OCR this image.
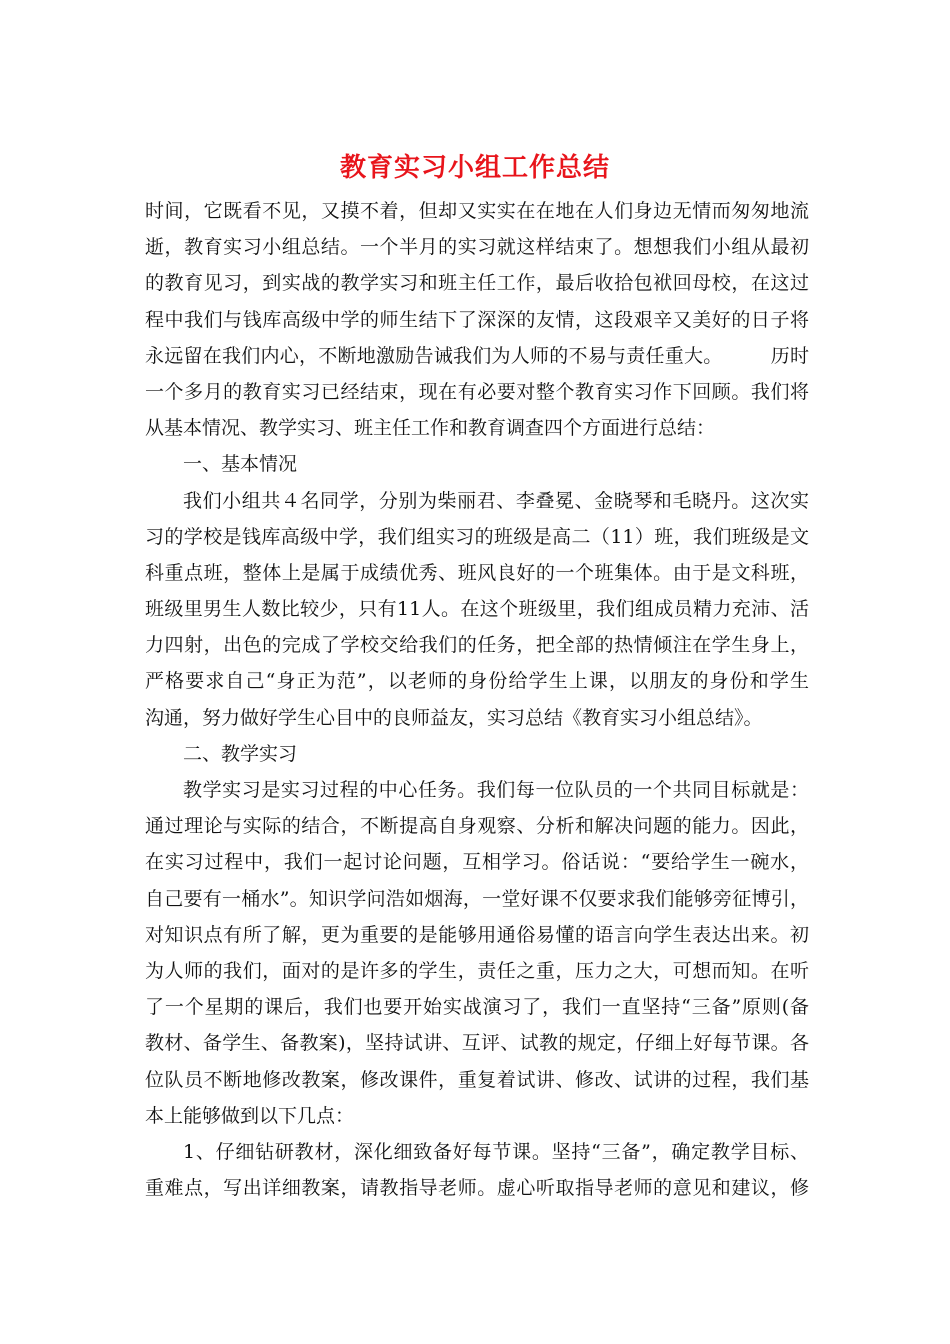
教育实习小组工作总结
时间，它既看不见，又摸不着，但却又实实在在地在人们身边无情而匆匆地流
逝，教育实习小组总结。一个半月的实习就这样结束了。想想我们小组从最初
的教育见习，到实战的教学实习和班主任工作，最后收拾包袱回母校，在这过
程中我们与钱库高级中学的师生结下了深深的友情，这段艰辛又美好的日子将
永远留在我们内心，不断地激励告诫我们为人师的不易与责任重大。	历时
一个多月的教育实习已经结束，现在有必要对整个教育实习作下回顾。我们将
从基本情况、教学实习、班主任工作和教育调查四个方面进行总结：
一、基本情况
我们小组共４名同学，分别为柴丽君、李叠冕、金晓琴和毛晓丹。这次实
习的学校是钱库高级中学，我们组实习的班级是高二（11）班，我们班级是文
科重点班，整体上是属于成绩优秀、班风良好的一个班集体。由于是文科班，
班级里男生人数比较少，只有11人。在这个班级里，我们组成员精力充沛、活
力四射，出色的完成了学校交给我们的任务，把全部的热情倾注在学生身上，
严格要求自己“身正为范”，以老师的身份给学生上课，以朋友的身份和学生
沟通，努力做好学生心目中的良师益友，实习总结《教育实习小组总结》。
二、教学实习
教学实习是实习过程的中心任务。我们每一位队员的一个共同目标就是：
通过理论与实际的结合，不断提高自身观察、分析和解决问题的能力。因此，
在实习过程中，我们一起讨论问题，互相学习。俗话说：“要给学生一碗水，
自己要有一桶水”。知识学问浩如烟海，一堂好课不仅要求我们能够旁征博引，
对知识点有所了解，更为重要的是能够用通俗易懂的语言向学生表达出来。初
为人师的我们，面对的是许多的学生，责任之重，压力之大，可想而知。在听
了一个星期的课后，我们也要开始实战演习了，我们一直坚持“三备”原则(备
教材、备学生、备教案)，坚持试讲、互评、试教的规定，仔细上好每节课。各
位队员不断地修改教案，修改课件，重复着试讲、修改、试讲的过程，我们基
本上能够做到以下几点：
1、仔细钻研教材，深化细致备好每节课。坚持“三备”，确定教学目标、
重难点，写出详细教案，请教指导老师。虚心听取指导老师的意见和建议，修
